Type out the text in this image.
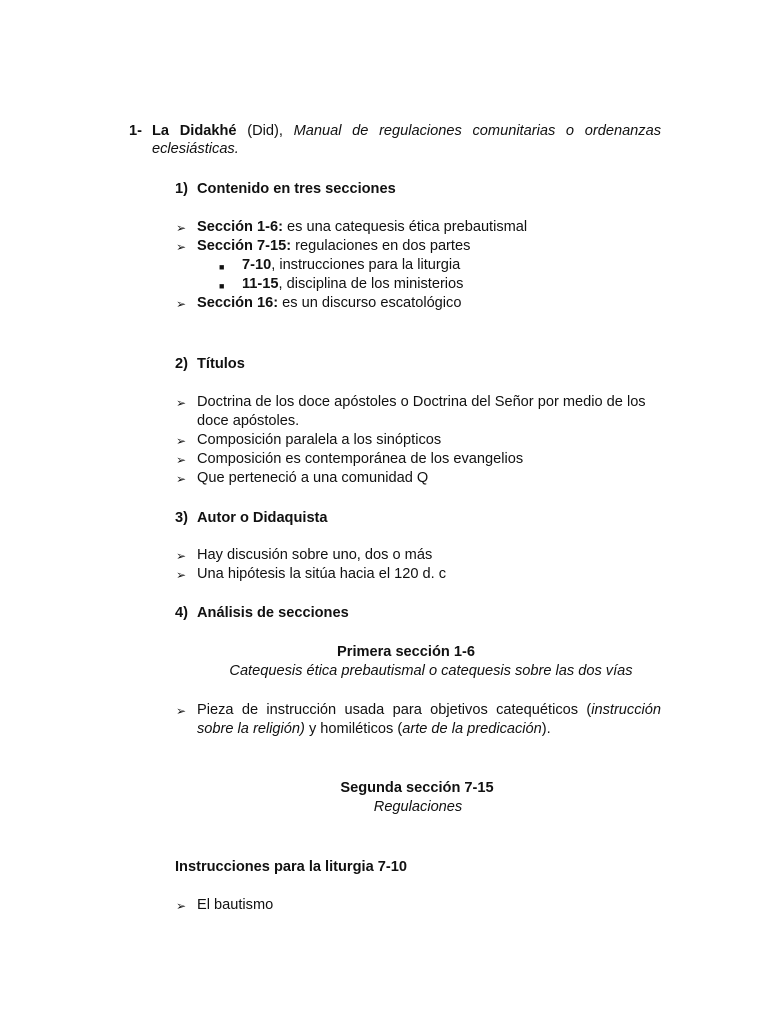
1- La Didakhé (Did), Manual de regulaciones comunitarias o ordenanzas
eclesiásticas.
1) Contenido en tres secciones
➢ Sección 1-6: es una catequesis ética prebautismal
➢ Sección 7-15: regulaciones en dos partes
■ 7-10, instrucciones para la liturgia
■ 11-15, disciplina de los ministerios
➢ Sección 16: es un discurso escatológico
2) Títulos
➢ Doctrina de los doce apóstoles o Doctrina del Señor por medio de los
doce apóstoles.
➢ Composición paralela a los sinópticos
➢ Composición es contemporánea de los evangelios
➢ Que perteneció a una comunidad Q
3) Autor o Didaquista
➢ Hay discusión sobre uno, dos o más
➢ Una hipótesis la sitúa hacia el 120 d. c
4) Análisis de secciones
Primera sección 1-6
Catequesis ética prebautismal o catequesis sobre las dos vías
➢ Pieza de instrucción usada para objetivos catequéticos (instrucción
sobre la religión) y homiléticos (arte de la predicación).
Segunda sección 7-15
Regulaciones
Instrucciones para la liturgia 7-10
➢ El bautismo
